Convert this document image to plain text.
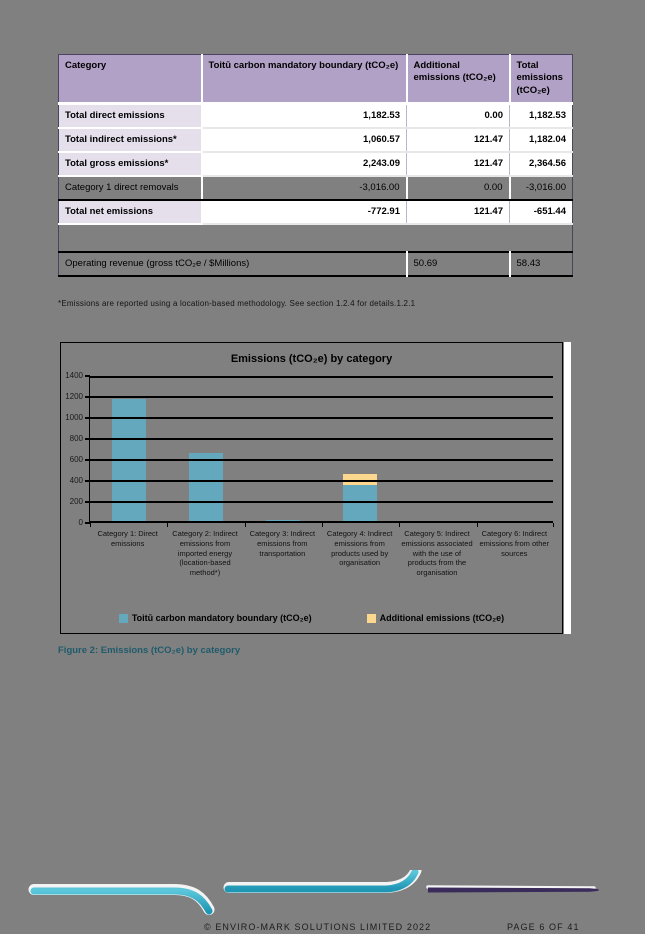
Category	Toitū carbon mandatory boundary (tCO₂e)	Additional emissions (tCO₂e)	Total emissions (tCO₂e)
Total direct emissions	1,182.53	0.00	1,182.53
Total indirect emissions*	1,060.57	121.47	1,182.04
Total gross emissions*	2,243.09	121.47	2,364.56
Category 1 direct removals	-3,016.00	0.00	-3,016.00
Total net emissions	-772.91	121.47	-651.44

Operating revenue (gross tCO₂e / $Millions)		50.69	58.43
*Emissions are reported using a location-based methodology. See section 1.2.4 for details.1.2.1
Emissions (tCO₂e) by category
0
200
400
600
800
1000
1200
1400
Category 1: Direct emissions
Category 2: Indirect emissions from imported energy (location-based method*)
Category 3: Indirect emissions from transportation
Category 4: Indirect emissions from products used by organisation
Category 5: Indirect emissions associated with the use of products from the organisation
Category 6: Indirect emissions from other sources
Toitū carbon mandatory boundary (tCO₂e)	Additional emissions (tCO₂e)
Figure 2: Emissions (tCO₂e) by category
© ENVIRO-MARK SOLUTIONS LIMITED 2022	PAGE 6 OF 41
